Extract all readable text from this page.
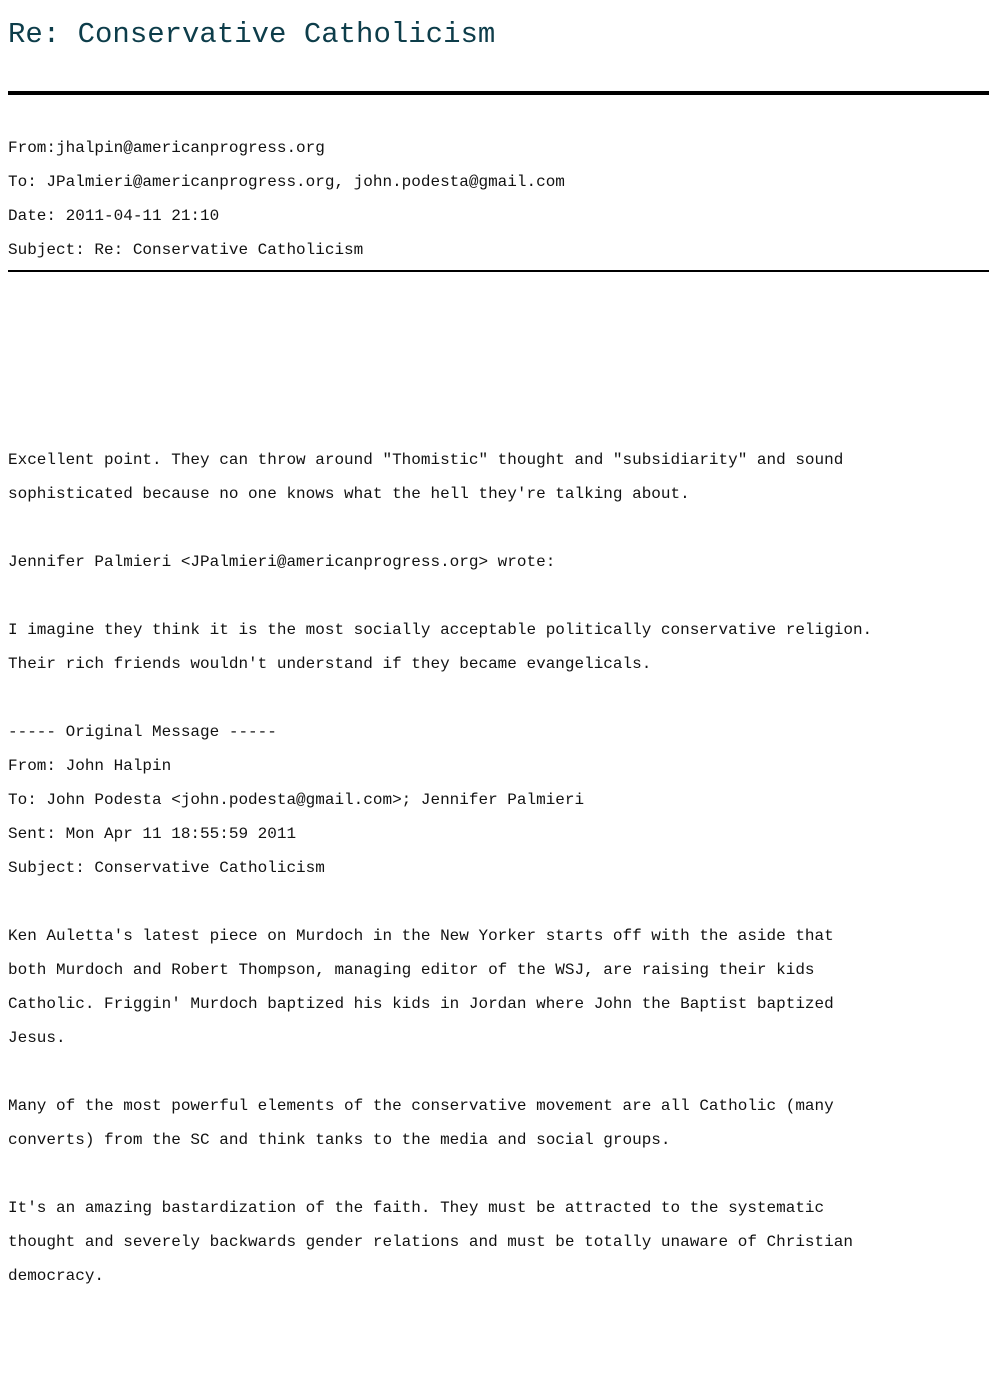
Re: Conservative Catholicism
From:jhalpin@americanprogress.org
To: JPalmieri@americanprogress.org, john.podesta@gmail.com
Date: 2011-04-11 21:10
Subject: Re: Conservative Catholicism
Excellent point. They can throw around "Thomistic" thought and "subsidiarity" and sound
sophisticated because no one knows what the hell they're talking about.
Jennifer Palmieri <JPalmieri@americanprogress.org> wrote:
I imagine they think it is the most socially acceptable politically conservative religion.
Their rich friends wouldn't understand if they became evangelicals.
----- Original Message -----
From: John Halpin
To: John Podesta <john.podesta@gmail.com>; Jennifer Palmieri
Sent: Mon Apr 11 18:55:59 2011
Subject: Conservative Catholicism
Ken Auletta's latest piece on Murdoch in the New Yorker starts off with the aside that
both Murdoch and Robert Thompson, managing editor of the WSJ, are raising their kids
Catholic. Friggin' Murdoch baptized his kids in Jordan where John the Baptist baptized
Jesus.
Many of the most powerful elements of the conservative movement are all Catholic (many
converts) from the SC and think tanks to the media and social groups.
It's an amazing bastardization of the faith. They must be attracted to the systematic
thought and severely backwards gender relations and must be totally unaware of Christian
democracy.
